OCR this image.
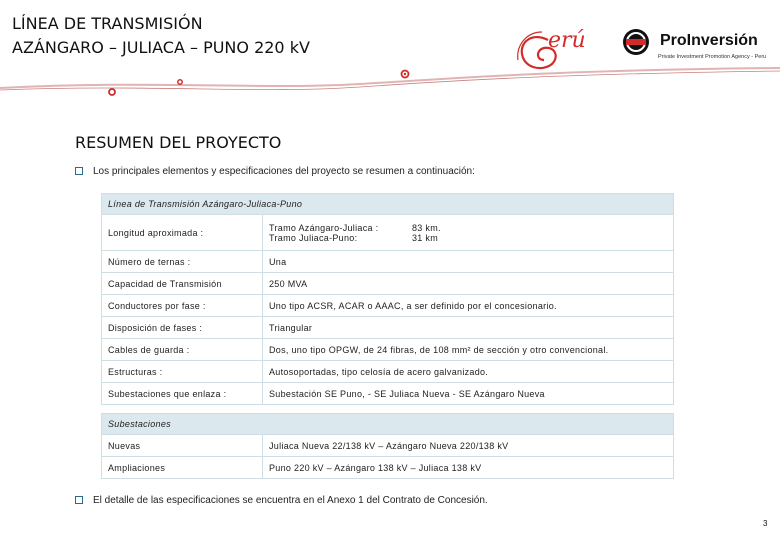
LÍNEA DE TRANSMISIÓN
AZÁNGARO – JULIACA – PUNO 220 kV	erú	ProInversión
Private Investment Promotion Agency - Peru
RESUMEN DEL PROYECTO
Los principales elementos y especificaciones del proyecto se resumen a continuación:
Línea de Transmisión Azángaro-Juliaca-Puno	
Longitud aproximada :	Tramo Azángaro-Juliaca : 83 km.
Tramo Juliaca-Puno: 31 km

Número de ternas :	Una
Capacidad de Transmisión	250 MVA
Conductores por fase :	Uno tipo ACSR, ACAR o AAAC, a ser definido por el concesionario.
Disposición de fases :	Triangular
Cables de guarda :	Dos, uno tipo OPGW, de 24 fibras, de 108 mm² de sección y otro convencional.
Estructuras :	Autosoportadas, tipo celosía de acero galvanizado.
Subestaciones que enlaza :	Subestación SE Puno, - SE Juliaca Nueva - SE Azángaro Nueva
Subestaciones	
Nuevas	Juliaca Nueva 22/138 kV – Azángaro Nueva 220/138 kV
Ampliaciones	Puno 220 kV – Azángaro 138 kV – Juliaca 138 kV
El detalle de las especificaciones se encuentra en el Anexo 1 del Contrato de Concesión.
3
